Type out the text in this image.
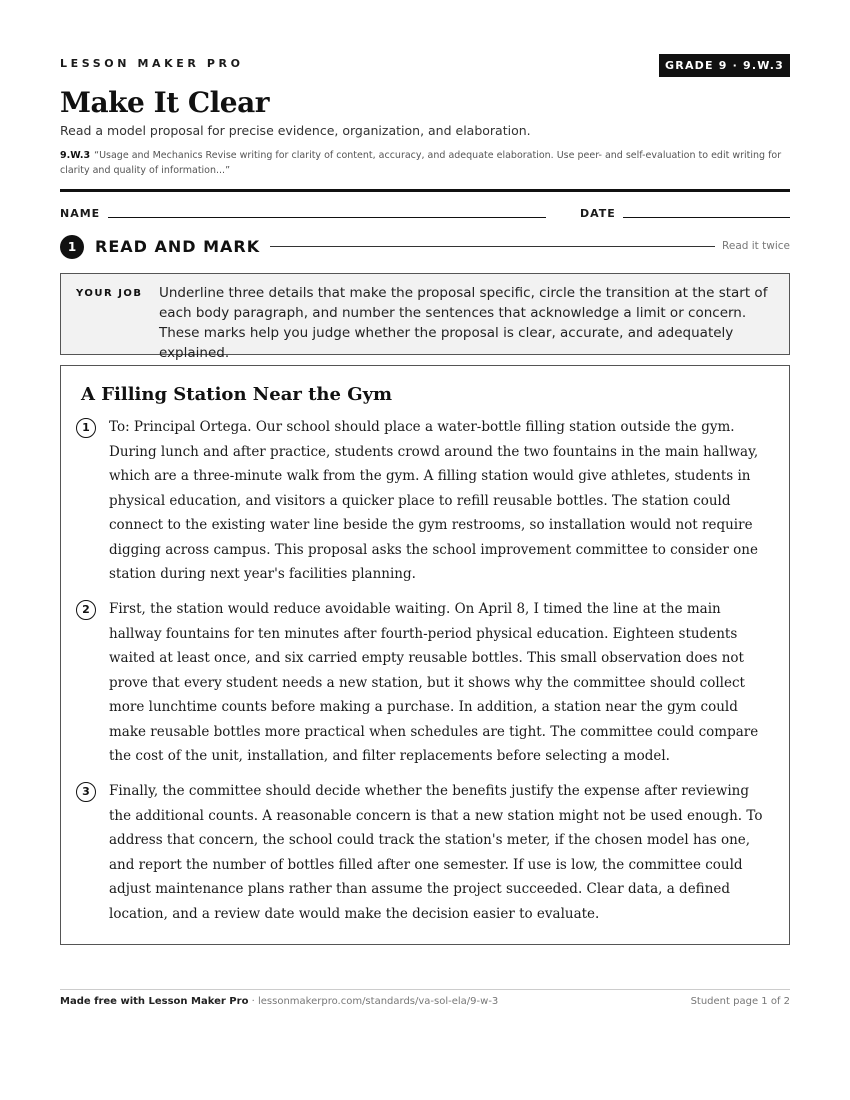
LESSON MAKER PRO	GRADE 9 · 9.W.3
Make It Clear
Read a model proposal for precise evidence, organization, and elaboration.
9.W.3 “Usage and Mechanics Revise writing for clarity of content, accuracy, and adequate elaboration. Use peer- and self-evaluation to edit writing for clarity and quality of information...”
NAME	DATE
1	READ AND MARK	Read it twice
YOUR JOB Underline three details that make the proposal specific, circle the transition at the start of each body paragraph, and number the sentences that acknowledge a limit or concern. These marks help you judge whether the proposal is clear, accurate, and adequately explained.
A Filling Station Near the Gym
1	To: Principal Ortega. Our school should place a water-bottle filling station outside the gym. During lunch and after practice, students crowd around the two fountains in the main hallway, which are a three-minute walk from the gym. A filling station would give athletes, students in physical education, and visitors a quicker place to refill reusable bottles. The station could connect to the existing water line beside the gym restrooms, so installation would not require digging across campus. This proposal asks the school improvement committee to consider one station during next year's facilities planning.

2	First, the station would reduce avoidable waiting. On April 8, I timed the line at the main hallway fountains for ten minutes after fourth-period physical education. Eighteen students waited at least once, and six carried empty reusable bottles. This small observation does not prove that every student needs a new station, but it shows why the committee should collect more lunchtime counts before making a purchase. In addition, a station near the gym could make reusable bottles more practical when schedules are tight. The committee could compare the cost of the unit, installation, and filter replacements before selecting a model.

3	Finally, the committee should decide whether the benefits justify the expense after reviewing the additional counts. A reasonable concern is that a new station might not be used enough. To address that concern, the school could track the station's meter, if the chosen model has one, and report the number of bottles filled after one semester. If use is low, the committee could adjust maintenance plans rather than assume the project succeeded. Clear data, a defined location, and a review date would make the decision easier to evaluate.

Made free with Lesson Maker Pro · lessonmakerpro.com/standards/va-sol-ela/9-w-3	Student page 1 of 2
